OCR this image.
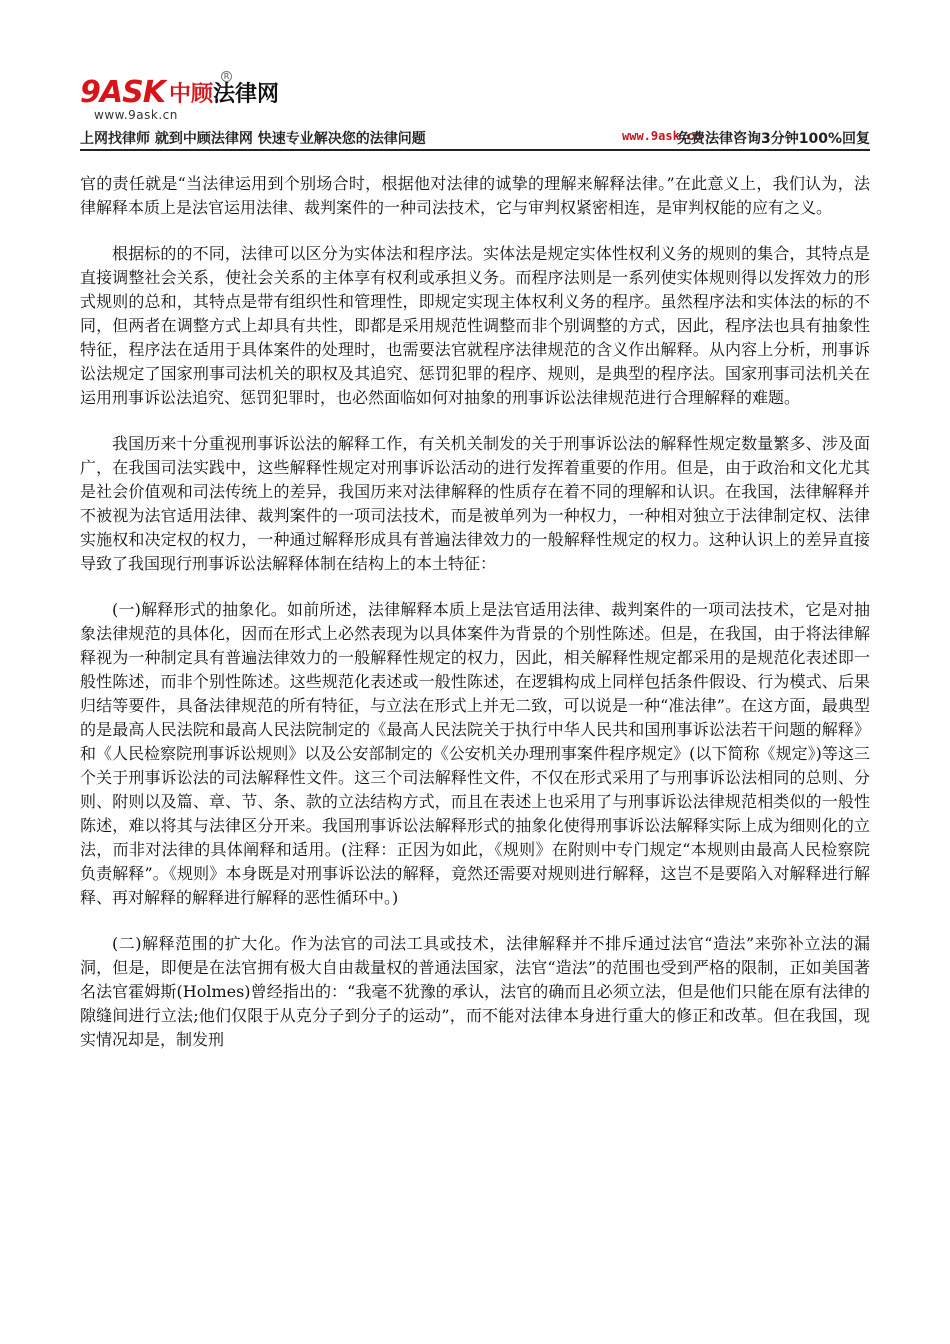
9ASK 中顾法律网
R
www.9ask.cn
上网找律师 就到中顾法律网 快速专业解决您的法律问题	www.9ask.cn
免费法律咨询3分钟100%回复

官的责任就是“当法律运用到个别场合时，根据他对法律的诚挚的理解来解释法律。”在此意义上，我们认为，法律解释本质上是法官运用法律、裁判案件的一种司法技术，它与审判权紧密相连，是审判权能的应有之义。

根据标的的不同，法律可以区分为实体法和程序法。实体法是规定实体性权利义务的规则的集合，其特点是直接调整社会关系，使社会关系的主体享有权利或承担义务。而程序法则是一系列使实体规则得以发挥效力的形式规则的总和，其特点是带有组织性和管理性，即规定实现主体权利义务的程序。虽然程序法和实体法的标的不同，但两者在调整方式上却具有共性，即都是采用规范性调整而非个别调整的方式，因此，程序法也具有抽象性特征，程序法在适用于具体案件的处理时，也需要法官就程序法律规范的含义作出解释。从内容上分析，刑事诉讼法规定了国家刑事司法机关的职权及其追究、惩罚犯罪的程序、规则，是典型的程序法。国家刑事司法机关在运用刑事诉讼法追究、惩罚犯罪时，也必然面临如何对抽象的刑事诉讼法律规范进行合理解释的难题。

我国历来十分重视刑事诉讼法的解释工作，有关机关制发的关于刑事诉讼法的解释性规定数量繁多、涉及面广，在我国司法实践中，这些解释性规定对刑事诉讼活动的进行发挥着重要的作用。但是，由于政治和文化尤其是社会价值观和司法传统上的差异，我国历来对法律解释的性质存在着不同的理解和认识。在我国，法律解释并不被视为法官适用法律、裁判案件的一项司法技术，而是被单列为一种权力，一种相对独立于法律制定权、法律实施权和决定权的权力，一种通过解释形成具有普遍法律效力的一般解释性规定的权力。这种认识上的差异直接导致了我国现行刑事诉讼法解释体制在结构上的本土特征：

(一)解释形式的抽象化。如前所述，法律解释本质上是法官适用法律、裁判案件的一项司法技术，它是对抽象法律规范的具体化，因而在形式上必然表现为以具体案件为背景的个别性陈述。但是，在我国，由于将法律解释视为一种制定具有普遍法律效力的一般解释性规定的权力，因此，相关解释性规定都采用的是规范化表述即一般性陈述，而非个别性陈述。这些规范化表述或一般性陈述，在逻辑构成上同样包括条件假设、行为模式、后果归结等要件，具备法律规范的所有特征，与立法在形式上并无二致，可以说是一种“准法律”。在这方面，最典型的是最高人民法院和最高人民法院制定的《最高人民法院关于执行中华人民共和国刑事诉讼法若干问题的解释》和《人民检察院刑事诉讼规则》以及公安部制定的《公安机关办理刑事案件程序规定》(以下简称《规定》)等这三个关于刑事诉讼法的司法解释性文件。这三个司法解释性文件，不仅在形式采用了与刑事诉讼法相同的总则、分则、附则以及篇、章、节、条、款的立法结构方式，而且在表述上也采用了与刑事诉讼法律规范相类似的一般性陈述，难以将其与法律区分开来。我国刑事诉讼法解释形式的抽象化使得刑事诉讼法解释实际上成为细则化的立法，而非对法律的具体阐释和适用。(注释：正因为如此，《规则》在附则中专门规定“本规则由最高人民检察院负责解释”。《规则》本身既是对刑事诉讼法的解释，竟然还需要对规则进行解释，这岂不是要陷入对解释进行解释、再对解释的解释进行解释的恶性循环中。)

(二)解释范围的扩大化。作为法官的司法工具或技术，法律解释并不排斥通过法官“造法”来弥补立法的漏洞，但是，即便是在法官拥有极大自由裁量权的普通法国家，法官“造法”的范围也受到严格的限制，正如美国著名法官霍姆斯(Holmes)曾经指出的：“我毫不犹豫的承认，法官的确而且必须立法，但是他们只能在原有法律的隙缝间进行立法;他们仅限于从克分子到分子的运动”，而不能对法律本身进行重大的修正和改革。但在我国，现实情况却是，制发刑
